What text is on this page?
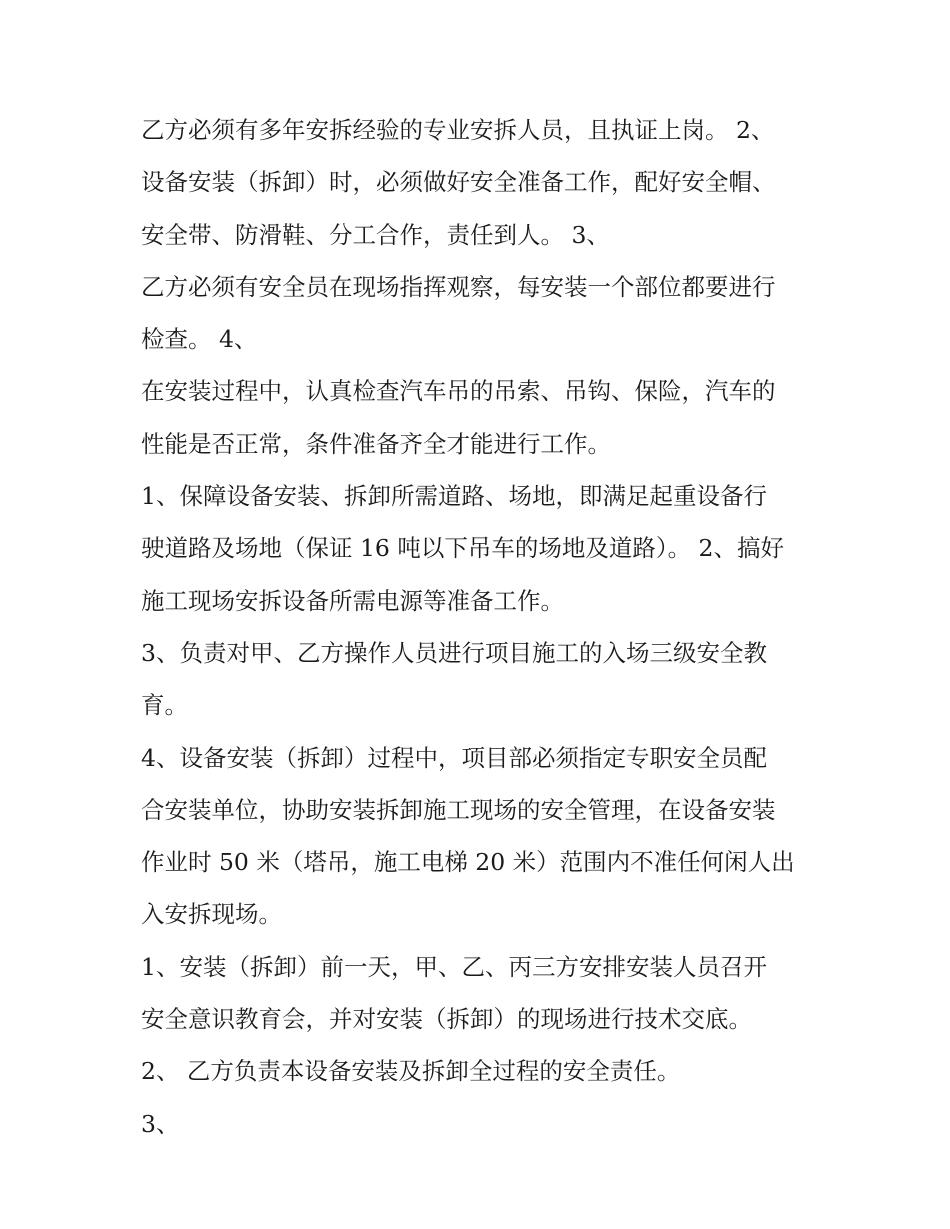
乙方必须有多年安拆经验的专业安拆人员，且执证上岗。 2、
设备安装（拆卸）时，必须做好安全准备工作，配好安全帽、
安全带、防滑鞋、分工合作，责任到人。 3、
乙方必须有安全员在现场指挥观察，每安装一个部位都要进行
检查。 4、
在安装过程中，认真检查汽车吊的吊索、吊钩、保险，汽车的
性能是否正常，条件准备齐全才能进行工作。
1、保障设备安装、拆卸所需道路、场地，即满足起重设备行
驶道路及场地（保证 16 吨以下吊车的场地及道路）。 2、搞好
施工现场安拆设备所需电源等准备工作。
3、负责对甲、乙方操作人员进行项目施工的入场三级安全教
育。
4、设备安装（拆卸）过程中，项目部必须指定专职安全员配
合安装单位，协助安装拆卸施工现场的安全管理，在设备安装
作业时 50 米（塔吊，施工电梯 20 米）范围内不准任何闲人出
入安拆现场。
1、安装（拆卸）前一天，甲、乙、丙三方安排安装人员召开
安全意识教育会，并对安装（拆卸）的现场进行技术交底。
2、 乙方负责本设备安装及拆卸全过程的安全责任。
3、
